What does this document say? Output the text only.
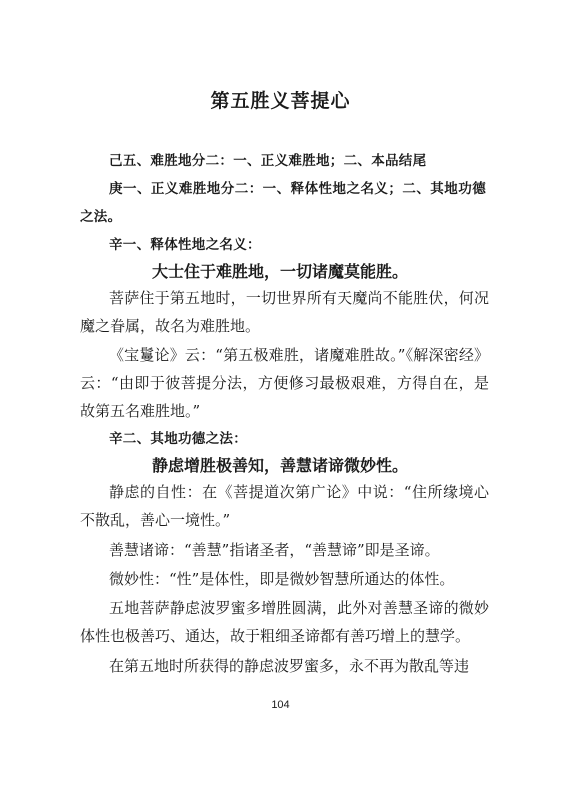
第五胜义菩提心
己五、难胜地分二：一、正义难胜地；二、本品结尾
庚一、正义难胜地分二：一、释体性地之名义；二、其地功德之法。
辛一、释体性地之名义：
大士住于难胜地，一切诸魔莫能胜。
菩萨住于第五地时，一切世界所有天魔尚不能胜伏，何况魔之眷属，故名为难胜地。
《宝鬘论》云：“第五极难胜，诸魔难胜故。”《解深密经》云：“由即于彼菩提分法，方便修习最极艰难，方得自在，是故第五名难胜地。”
辛二、其地功德之法：
静虑增胜极善知，善慧诸谛微妙性。
静虑的自性：在《菩提道次第广论》中说：“住所缘境心不散乱，善心一境性。”
善慧诸谛：“善慧”指诸圣者，“善慧谛”即是圣谛。
微妙性：“性”是体性，即是微妙智慧所通达的体性。
五地菩萨静虑波罗蜜多增胜圆满，此外对善慧圣谛的微妙体性也极善巧、通达，故于粗细圣谛都有善巧增上的慧学。
在第五地时所获得的静虑波罗蜜多，永不再为散乱等违
104
